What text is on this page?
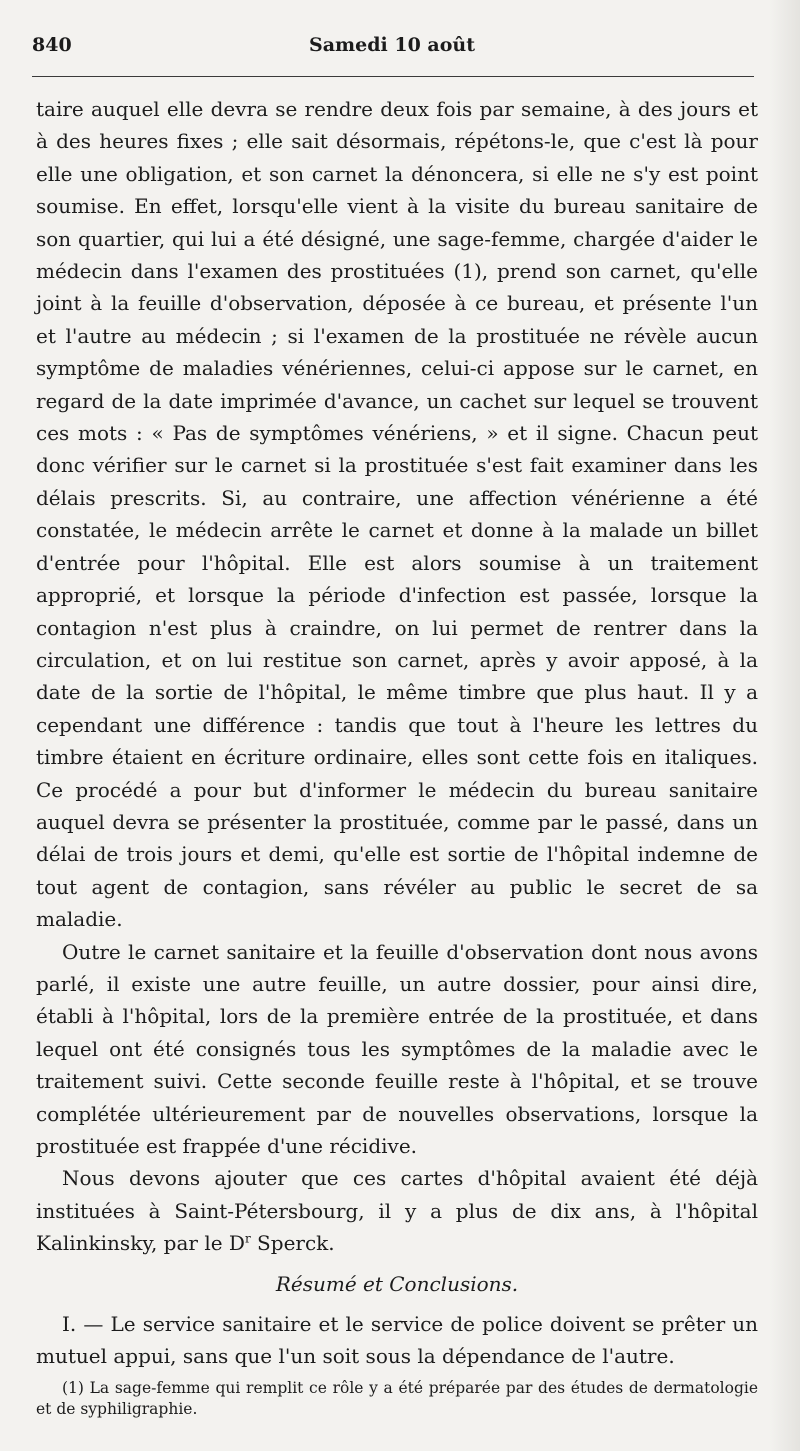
840	Samedi 10 août

taire auquel elle devra se rendre deux fois par semaine, à des jours et à des heures fixes ; elle sait désormais, répétons-le, que c'est là pour elle une obligation, et son carnet la dénoncera, si elle ne s'y est point soumise. En effet, lorsqu'elle vient à la visite du bureau sanitaire de son quartier, qui lui a été désigné, une sage-femme, chargée d'aider le médecin dans l'examen des prostituées (1), prend son carnet, qu'elle joint à la feuille d'observation, déposée à ce bureau, et présente l'un et l'autre au médecin ; si l'examen de la prostituée ne révèle aucun symptôme de maladies vénériennes, celui-ci appose sur le carnet, en regard de la date imprimée d'avance, un cachet sur lequel se trouvent ces mots : « Pas de symptômes vénériens, » et il signe. Chacun peut donc vérifier sur le carnet si la prostituée s'est fait examiner dans les délais prescrits. Si, au contraire, une affection vénérienne a été constatée, le médecin arrête le carnet et donne à la malade un billet d'entrée pour l'hôpital. Elle est alors soumise à un traitement approprié, et lorsque la période d'infection est passée, lorsque la contagion n'est plus à craindre, on lui permet de rentrer dans la circulation, et on lui restitue son carnet, après y avoir apposé, à la date de la sortie de l'hôpital, le même timbre que plus haut. Il y a cependant une différence : tandis que tout à l'heure les lettres du timbre étaient en écriture ordinaire, elles sont cette fois en italiques. Ce procédé a pour but d'informer le médecin du bureau sanitaire auquel devra se présenter la prostituée, comme par le passé, dans un délai de trois jours et demi, qu'elle est sortie de l'hôpital indemne de tout agent de contagion, sans révéler au public le secret de sa maladie.

Outre le carnet sanitaire et la feuille d'observation dont nous avons parlé, il existe une autre feuille, un autre dossier, pour ainsi dire, établi à l'hôpital, lors de la première entrée de la prostituée, et dans lequel ont été consignés tous les symptômes de la maladie avec le traitement suivi. Cette seconde feuille reste à l'hôpital, et se trouve complétée ultérieurement par de nouvelles observations, lorsque la prostituée est frappée d'une récidive.

Nous devons ajouter que ces cartes d'hôpital avaient été déjà instituées à Saint-Pétersbourg, il y a plus de dix ans, à l'hôpital Kalinkinsky, par le $D^r$ Sperck.

Résumé et Conclusions.

I. — Le service sanitaire et le service de police doivent se prêter un mutuel appui, sans que l'un soit sous la dépendance de l'autre.

(1) La sage-femme qui remplit ce rôle y a été préparée par des études de dermatologie et de syphiligraphie.
